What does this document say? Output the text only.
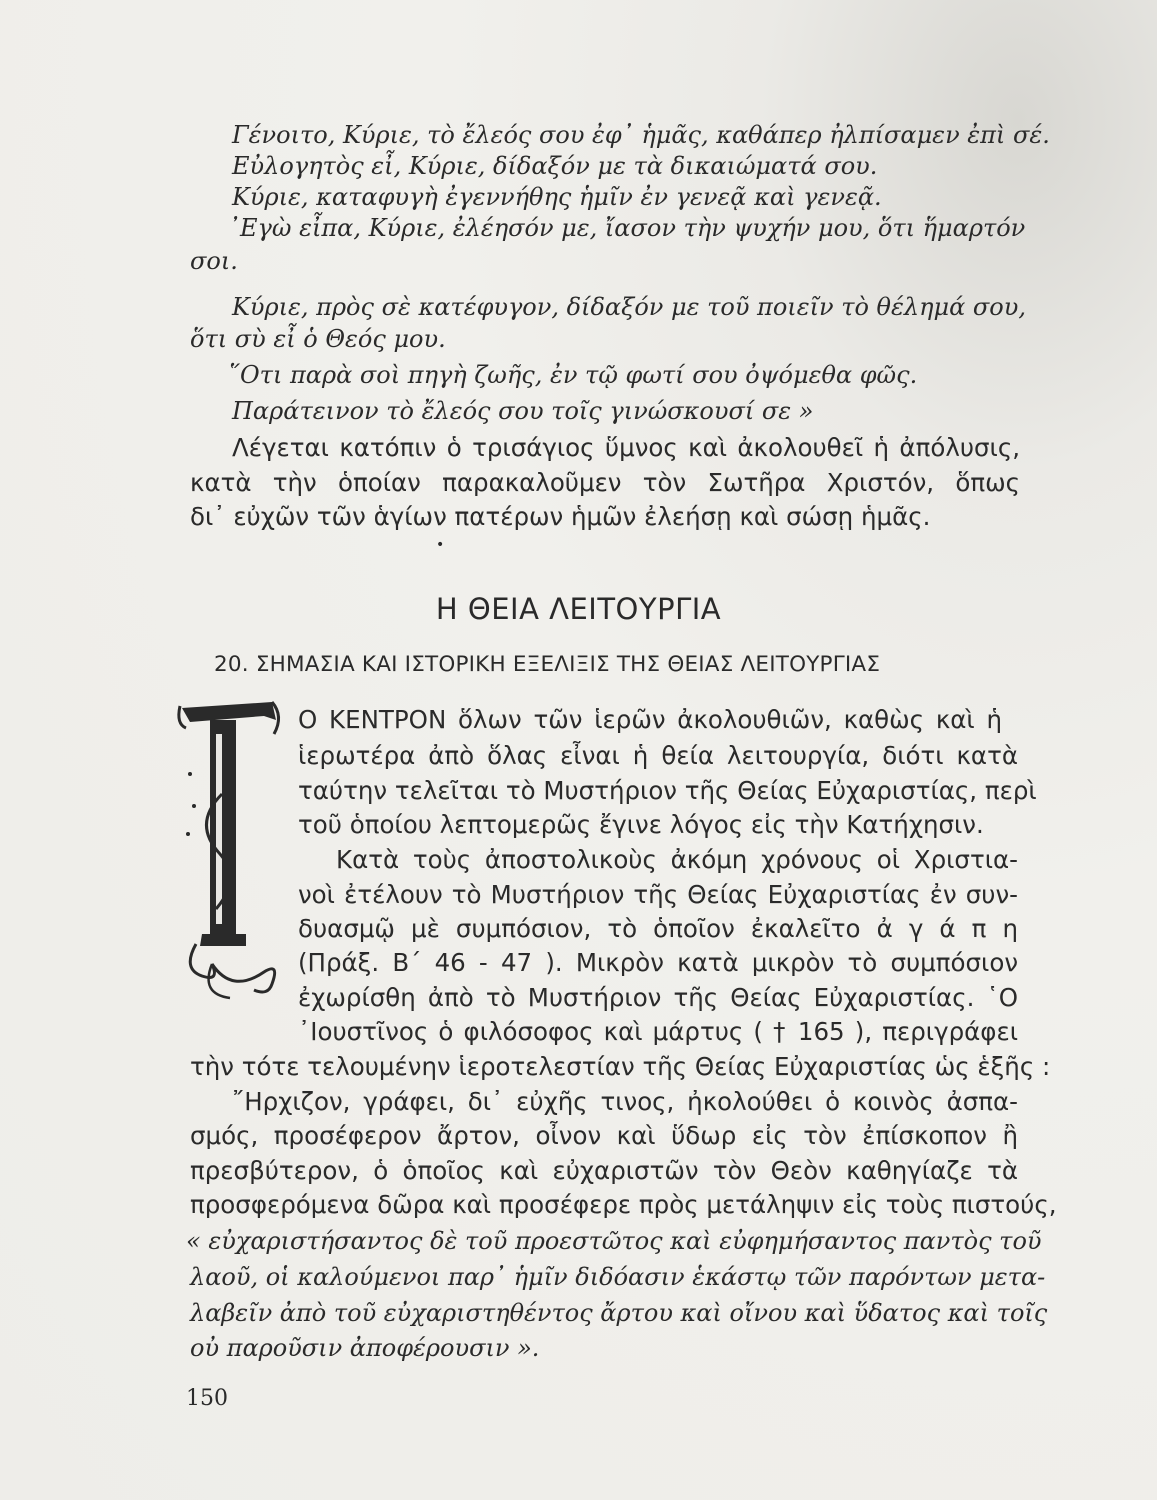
Γένοιτο, Κύριε, τὸ ἔλεός σου ἐφ᾽ ἡμᾶς, καθάπερ ἠλπίσαμεν ἐπὶ σέ.
Εὐλογητὸς εἶ, Κύριε, δίδαξόν με τὰ δικαιώματά σου.
Κύριε, καταφυγὴ ἐγεννήθης ἡμῖν ἐν γενεᾷ καὶ γενεᾷ.
᾿Εγὼ εἶπα, Κύριε, ἐλέησόν με, ἴασον τὴν ψυχήν μου, ὅτι ἥμαρτόν
σοι.
Κύριε, πρὸς σὲ κατέφυγον, δίδαξόν με τοῦ ποιεῖν τὸ θέλημά σου,
ὅτι σὺ εἶ ὁ Θεός μου.
῞Οτι παρὰ σοὶ πηγὴ ζωῆς, ἐν τῷ φωτί σου ὀψόμεθα φῶς.
Παράτεινον τὸ ἔλεός σου τοῖς γινώσκουσί σε »
Λέγεται κατόπιν ὁ τρισάγιος ὕμνος καὶ ἀκολουθεῖ ἡ ἀπόλυσις,
κατὰ τὴν ὁποίαν παρακαλοῦμεν τὸν Σωτῆρα Χριστόν, ὅπως
δι᾽ εὐχῶν τῶν ἁγίων πατέρων ἡμῶν ἐλεήσῃ καὶ σώσῃ ἡμᾶς.
•
Η ΘΕΙΑ ΛΕΙΤΟΥΡΓΙΑ
20. ΣΗΜΑΣΙΑ ΚΑΙ ΙΣΤΟΡΙΚΗ ΕΞΕΛΙΞΙΣ ΤΗΣ ΘΕΙΑΣ ΛΕΙΤΟΥΡΓΙΑΣ
Ο ΚΕΝΤΡΟΝ ὅλων τῶν ἱερῶν ἀκολουθιῶν, καθὼς καὶ ἡ
ἱερωτέρα ἀπὸ ὅλας εἶναι ἡ θεία λειτουργία, διότι κατὰ
ταύτην τελεῖται τὸ Μυστήριον τῆς Θείας Εὐχαριστίας, περὶ
τοῦ ὁποίου λεπτομερῶς ἔγινε λόγος εἰς τὴν Κατήχησιν.
Κατὰ τοὺς ἀποστολικοὺς ἀκόμη χρόνους οἱ Χριστια-
νοὶ ἐτέλουν τὸ Μυστήριον τῆς Θείας Εὐχαριστίας ἐν συν-
δυασμῷ μὲ συμπόσιον, τὸ ὁποῖον ἐκαλεῖτο ἀ γ ά π η
(Πράξ. Β´ 46 - 47 ). Μικρὸν κατὰ μικρὸν τὸ συμπόσιον
ἐχωρίσθη ἀπὸ τὸ Μυστήριον τῆς Θείας Εὐχαριστίας. ῾Ο
᾿Ιουστῖνος ὁ φιλόσοφος καὶ μάρτυς ( † 165 ), περιγράφει
τὴν τότε τελουμένην ἱεροτελεστίαν τῆς Θείας Εὐχαριστίας ὡς ἑξῆς :
῎Ηρχιζον, γράφει, δι᾽ εὐχῆς τινος, ἠκολούθει ὁ κοινὸς ἀσπα-
σμός, προσέφερον ἄρτον, οἶνον καὶ ὕδωρ εἰς τὸν ἐπίσκοπον ἢ
πρεσβύτερον, ὁ ὁποῖος καὶ εὐχαριστῶν τὸν Θεὸν καθηγίαζε τὰ
προσφερόμενα δῶρα καὶ προσέφερε πρὸς μετάληψιν εἰς τοὺς πιστούς,
« εὐχαριστήσαντος δὲ τοῦ προεστῶτος καὶ εὐφημήσαντος παντὸς τοῦ
λαοῦ, οἱ καλούμενοι παρ᾽ ἡμῖν διδόασιν ἑκάστῳ τῶν παρόντων μετα-
λαβεῖν ἀπὸ τοῦ εὐχαριστηθέντος ἄρτου καὶ οἴνου καὶ ὕδατος καὶ τοῖς
οὐ παροῦσιν ἀποφέρουσιν ».
150
